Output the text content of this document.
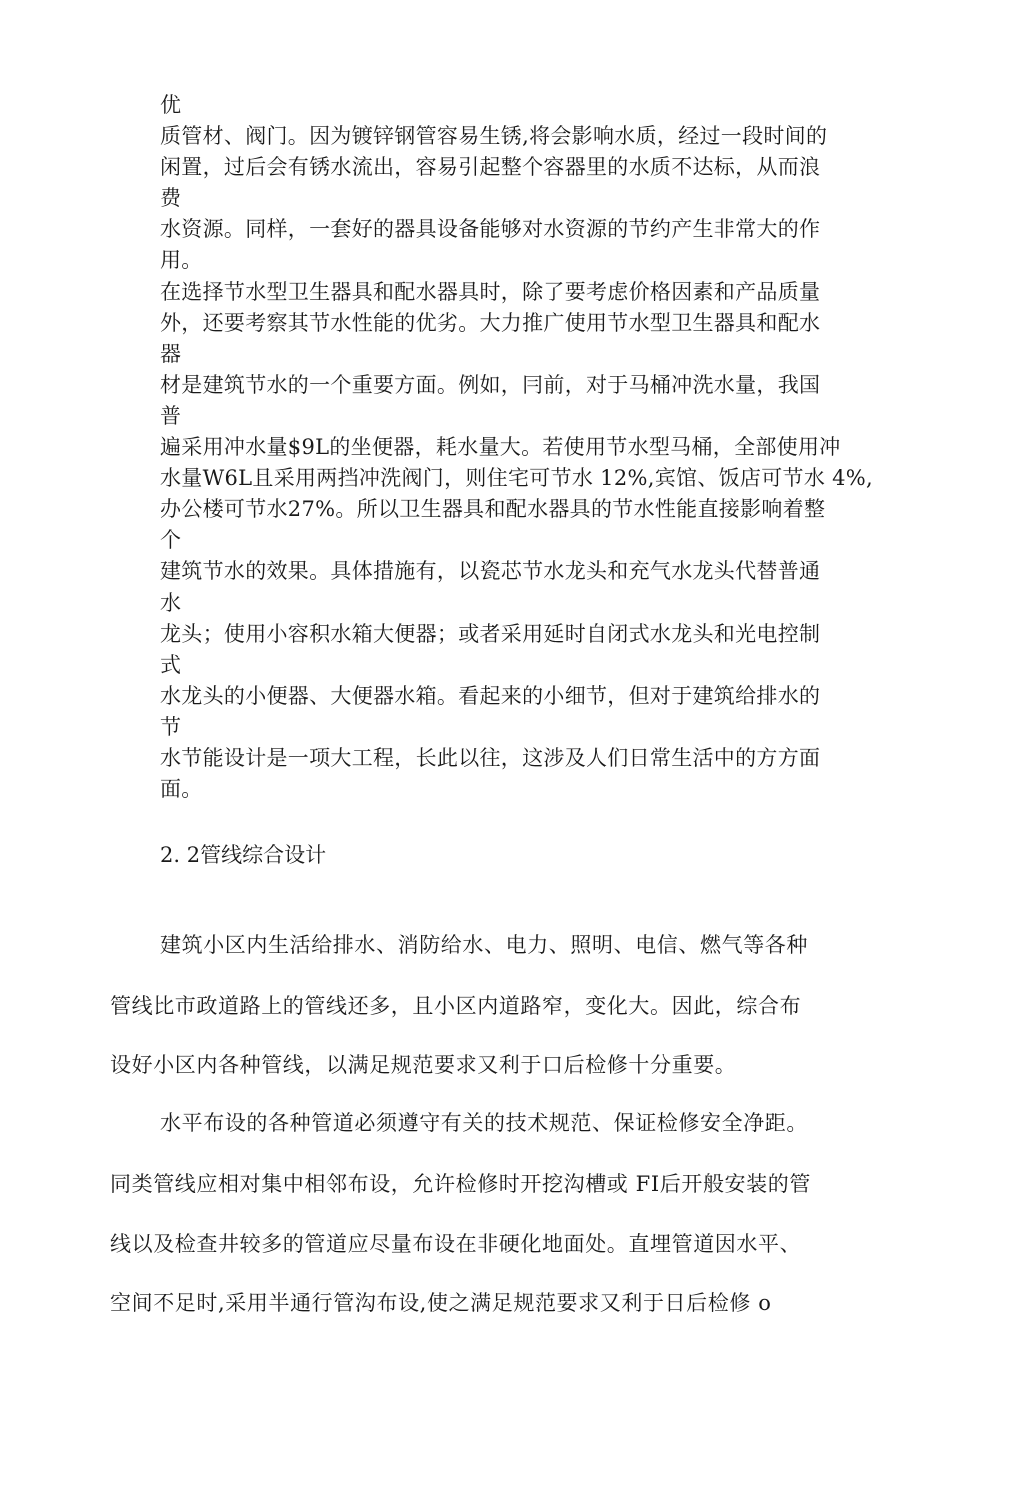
优
质管材、阀门。因为镀锌钢管容易生锈,将会影响水质，经过一段时间的
闲置，过后会有锈水流出，容易引起整个容器里的水质不达标，从而浪
费
水资源。同样，一套好的器具设备能够对水资源的节约产生非常大的作
用。
在选择节水型卫生器具和配水器具时，除了要考虑价格因素和产品质量
外，还要考察其节水性能的优劣。大力推广使用节水型卫生器具和配水
器
材是建筑节水的一个重要方面。例如，冃前，对于马桶冲洗水量，我国
普
遍采用冲水量$9L的坐便器，耗水量大。若使用节水型马桶，全部使用冲
水量W6L且采用两挡冲洗阀门，则住宅可节水 12%,宾馆、饭店可节水 4%,
办公楼可节水27%。所以卫生器具和配水器具的节水性能直接影响着整
个
建筑节水的效果。具体措施有，以瓷芯节水龙头和充气水龙头代替普通
水
龙头；使用小容积水箱大便器；或者采用延时自闭式水龙头和光电控制
式
水龙头的小便器、大便器水箱。看起来的小细节，但对于建筑给排水的
节
水节能设计是一项大工程，长此以往，这涉及人们日常生活中的方方面
面。
2. 2管线综合设计
建筑小区内生活给排水、消防给水、电力、照明、电信、燃气等各种
管线比市政道路上的管线还多，且小区内道路窄，变化大。因此，综合布
设好小区内各种管线，以满足规范要求又利于口后检修十分重要。
水平布设的各种管道必须遵守有关的技术规范、保证检修安全净距。
同类管线应相对集中相邻布设，允许检修时开挖沟槽或 FI后开般安装的管
线以及检查井较多的管道应尽量布设在非硬化地面处。直埋管道因水平、
空间不足时,采用半通行管沟布设,使之满足规范要求又利于日后检修 o
